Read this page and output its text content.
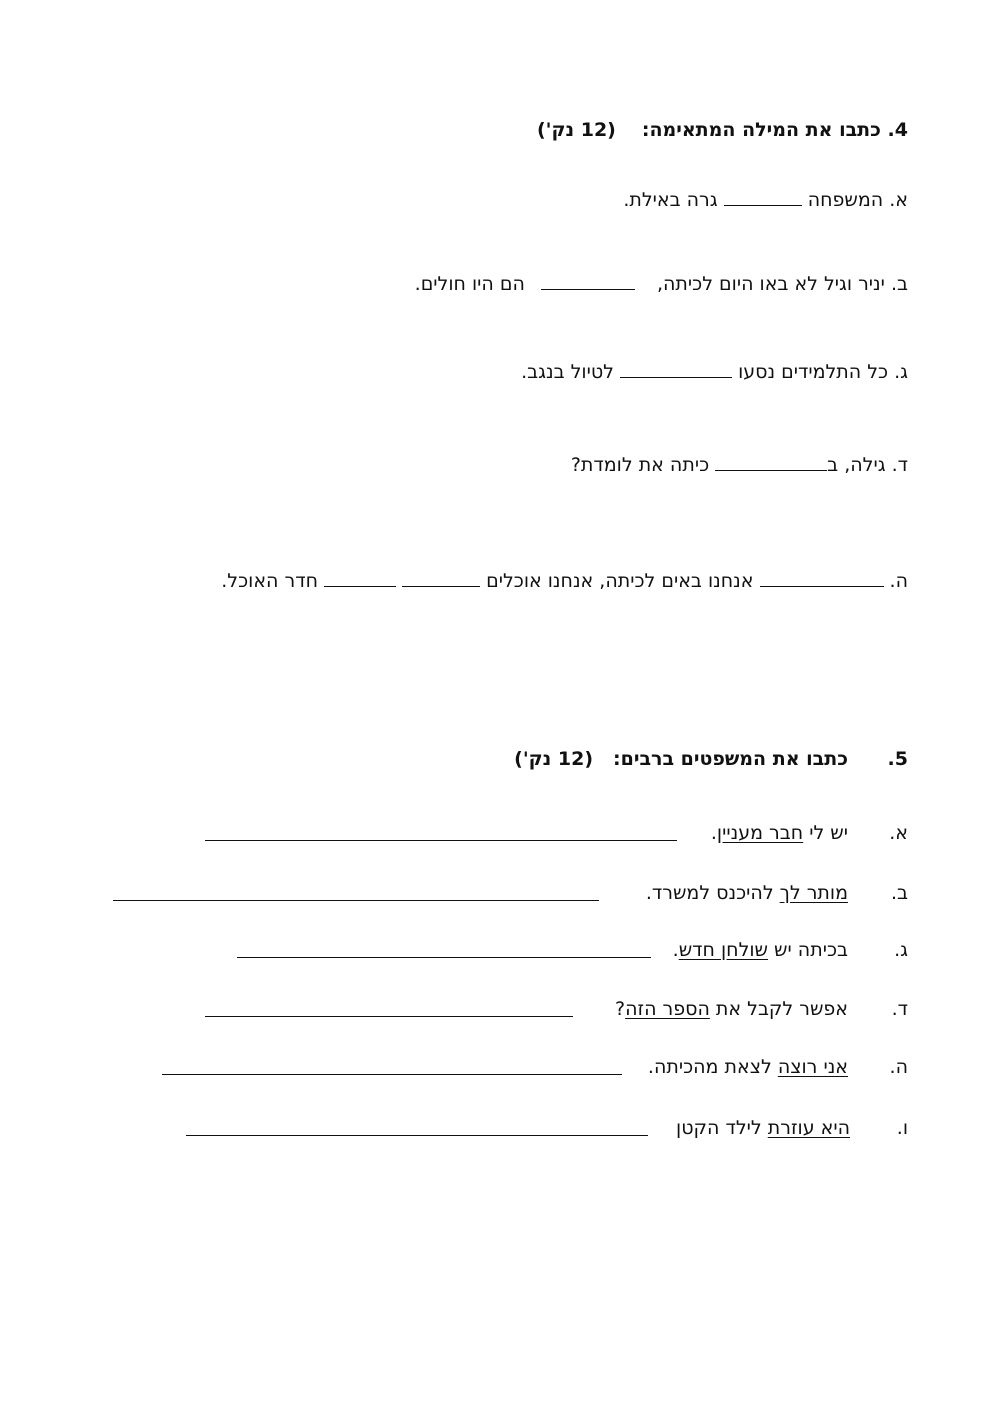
4. כתבו את המילה המתאימה:(12 נק')
א. המשפחה  גרה באילת.
ב. יניר וגיל לא באו היום לכיתה,  הם היו חולים.
ג. כל התלמידים נסעו  לטיול בנגב.
ד. גילה, ב כיתה את לומדת?
ה.  אנחנו באים לכיתה, אנחנו אוכלים   חדר האוכל.
5.
כתבו את המשפטים ברבים:(12 נק')
א.
יש לי חבר מעניין.
ב.
מותר לך להיכנס למשרד.
ג.
בכיתה יש שולחן חדש.
ד.
אפשר לקבל את הספר הזה?
ה.
אני רוצה לצאת מהכיתה.
ו.
היא עוזרת לילד הקטן
